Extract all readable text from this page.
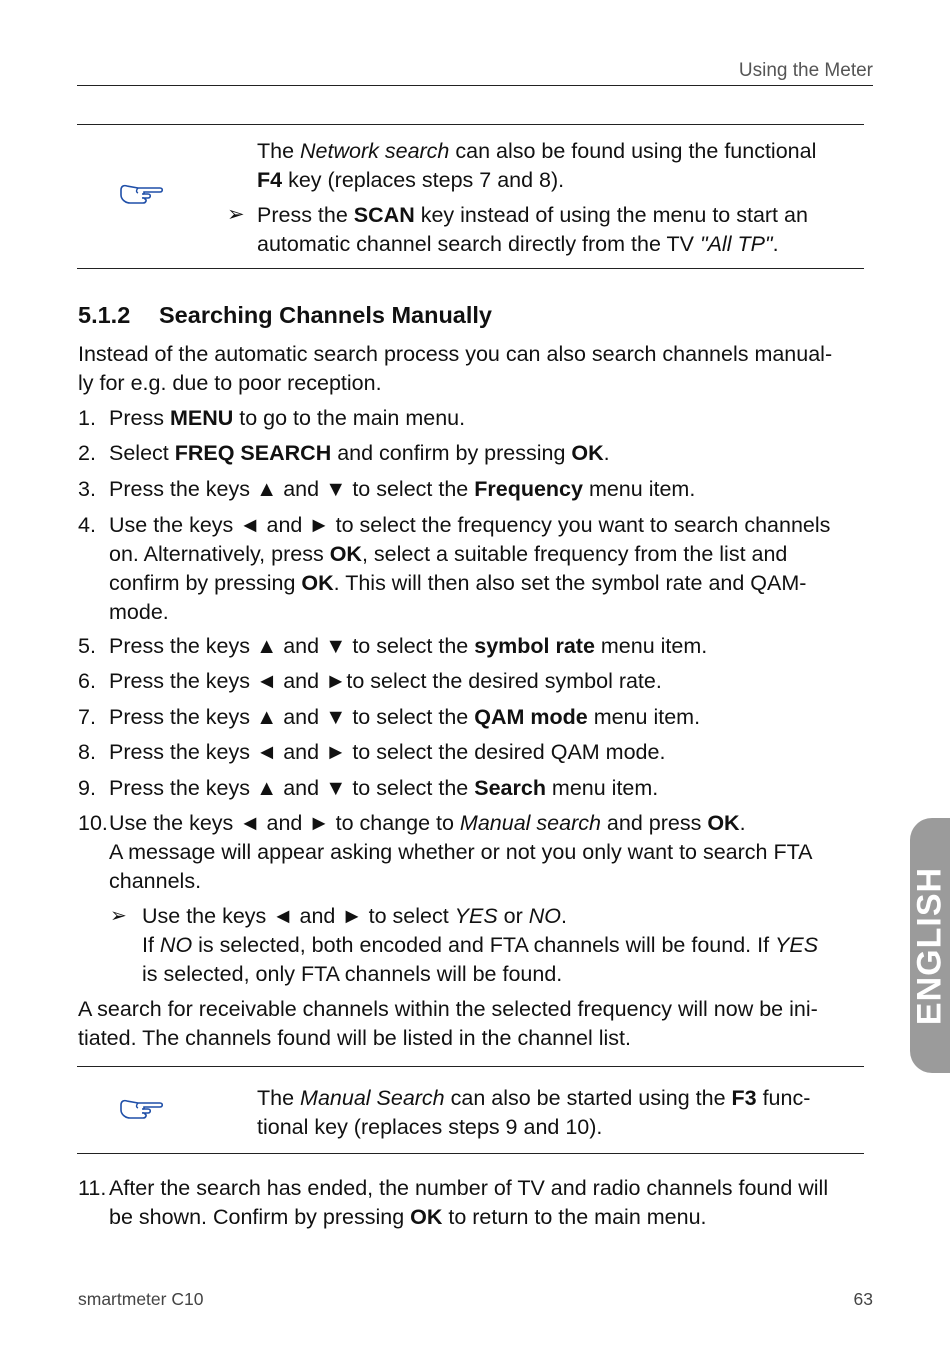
Using the Meter

The Network search can also be found using the functional

F4 key (replaces steps 7 and 8).

Press the SCAN key instead of using the menu to start an

automatic channel search directly from the TV "All TP".

➢
5.1.2 Searching Channels Manually
Instead of the automatic search process you can also search channels manual-
ly for e.g. due to poor reception.
1. Press MENU to go to the main menu.
2. Select FREQ SEARCH and confirm by pressing OK.
3. Press the keys ▲ and ▼ to select the Frequency menu item.
4. Use the keys ◄ and ► to select the frequency you want to search channels
on. Alternatively, press OK, select a suitable frequency from the list and
confirm by pressing OK. This will then also set the symbol rate and QAM-
mode.
5. Press the keys ▲ and ▼ to select the symbol rate menu item.
6. Press the keys ◄ and ►to select the desired symbol rate.
7. Press the keys ▲ and ▼ to select the QAM mode menu item.
8. Press the keys ◄ and ► to select the desired QAM mode.
9. Press the keys ▲ and ▼ to select the Search menu item.
10. Use the keys ◄ and ► to change to Manual search and press OK.
A message will appear asking whether or not you only want to search FTA
channels.
➢ Use the keys ◄ and ► to select YES or NO.
If NO is selected, both encoded and FTA channels will be found. If YES
is selected, only FTA channels will be found.
A search for receivable channels within the selected frequency will now be ini-
tiated. The channels found will be listed in the channel list.

The Manual Search can also be started using the F3 func-

tional key (replaces steps 9 and 10).

11. After the search has ended, the number of TV and radio channels found will
be shown. Confirm by pressing OK to return to the main menu.
ENGLISH
smartmeter C10	63
